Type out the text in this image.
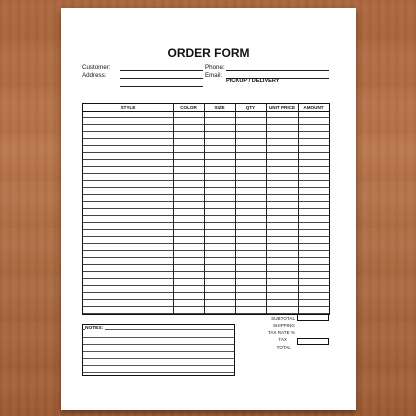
ORDER FORM
Customer:	Phone:
Address:	Email:
PICKUP / DELIVERY
STYLE	COLOR	SIZE	QTY	UNIT PRICE	AMOUNT
SUBTOTAL
SHIPPING
TAX RATE %
TAX
TOTAL
NOTES:
